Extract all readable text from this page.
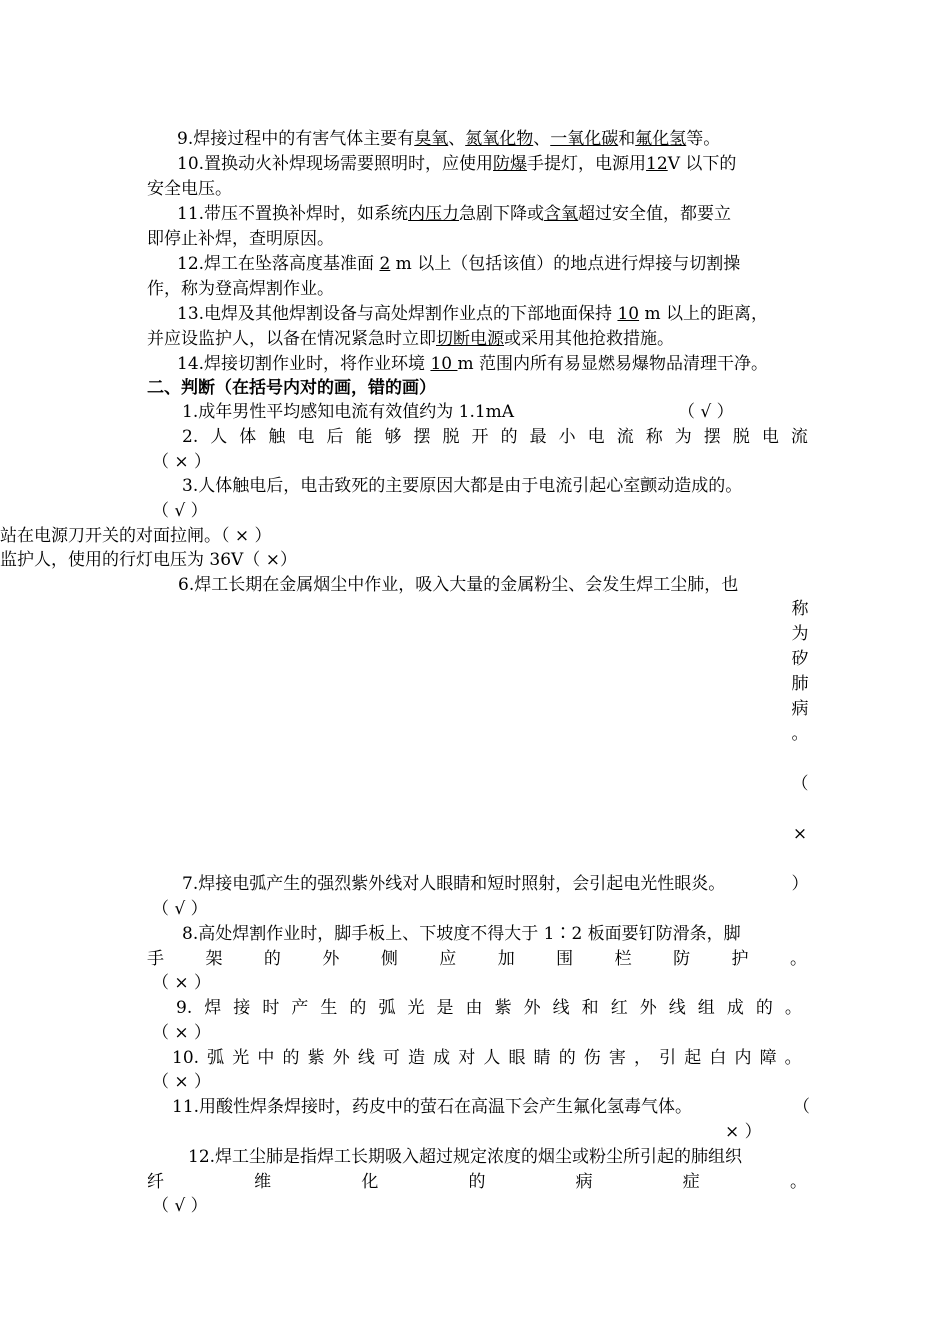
9.焊接过程中的有害气体主要有臭氧、氮氧化物、一氧化碳和氟化氢等。
10.置换动火补焊现场需要照明时，应使用防爆手提灯，电源用12V 以下的
安全电压。
11.带压不置换补焊时，如系统内压力急剧下降或含氧超过安全值，都要立
即停止补焊，查明原因。
12.焊工在坠落高度基准面 2 m 以上（包括该值）的地点进行焊接与切割操
作，称为登高焊割作业。
13.电焊及其他焊割设备与高处焊割作业点的下部地面保持 10 m 以上的距离，
并应设监护人，以备在情况紧急时立即切断电源或采用其他抢救措施。
14.焊接切割作业时，将作业环境 10 m 范围内所有易显燃易爆物品清理干净。
二、判断（在括号内对的画，错的画）
1.成年男性平均感知电流有效值约为 1.1mA	（ √ ）
2. 人 体 触 电 后 能 够 摆 脱 开 的 最 小 电 流 称 为 摆 脱 电 流
（ × ）
3.人体触电后，电击致死的主要原因大都是由于电流引起心室颤动造成的。
（ √ ）
站在电源刀开关的对面拉闸。（ × ）
监护人，使用的行灯电压为 36V（ ×）
6.焊工长期在金属烟尘中作业，吸入大量的金属粉尘、会发生焊工尘肺，也
称
为
矽
肺
病
。
（
×
）
7.焊接电弧产生的强烈紫外线对人眼睛和短时照射，会引起电光性眼炎。
（ √ ）
8.高处焊割作业时，脚手板上、下坡度不得大于 1∶2 板面要钉防滑条，脚
手 架 的 外 侧 应 加 围 栏 防 护 。
（ × ）
9. 焊 接 时 产 生 的 弧 光 是 由 紫 外 线 和 红 外 线 组 成 的 。
（ × ）
10. 弧 光 中 的 紫 外 线 可 造 成 对 人 眼 睛 的 伤 害 ， 引 起 白 内 障 。
（ × ）
11.用酸性焊条焊接时，药皮中的萤石在高温下会产生氟化氢毒气体。	（
× ）
12.焊工尘肺是指焊工长期吸入超过规定浓度的烟尘或粉尘所引起的肺组织
纤	维	化	的	病	症	。
（ √ ）
